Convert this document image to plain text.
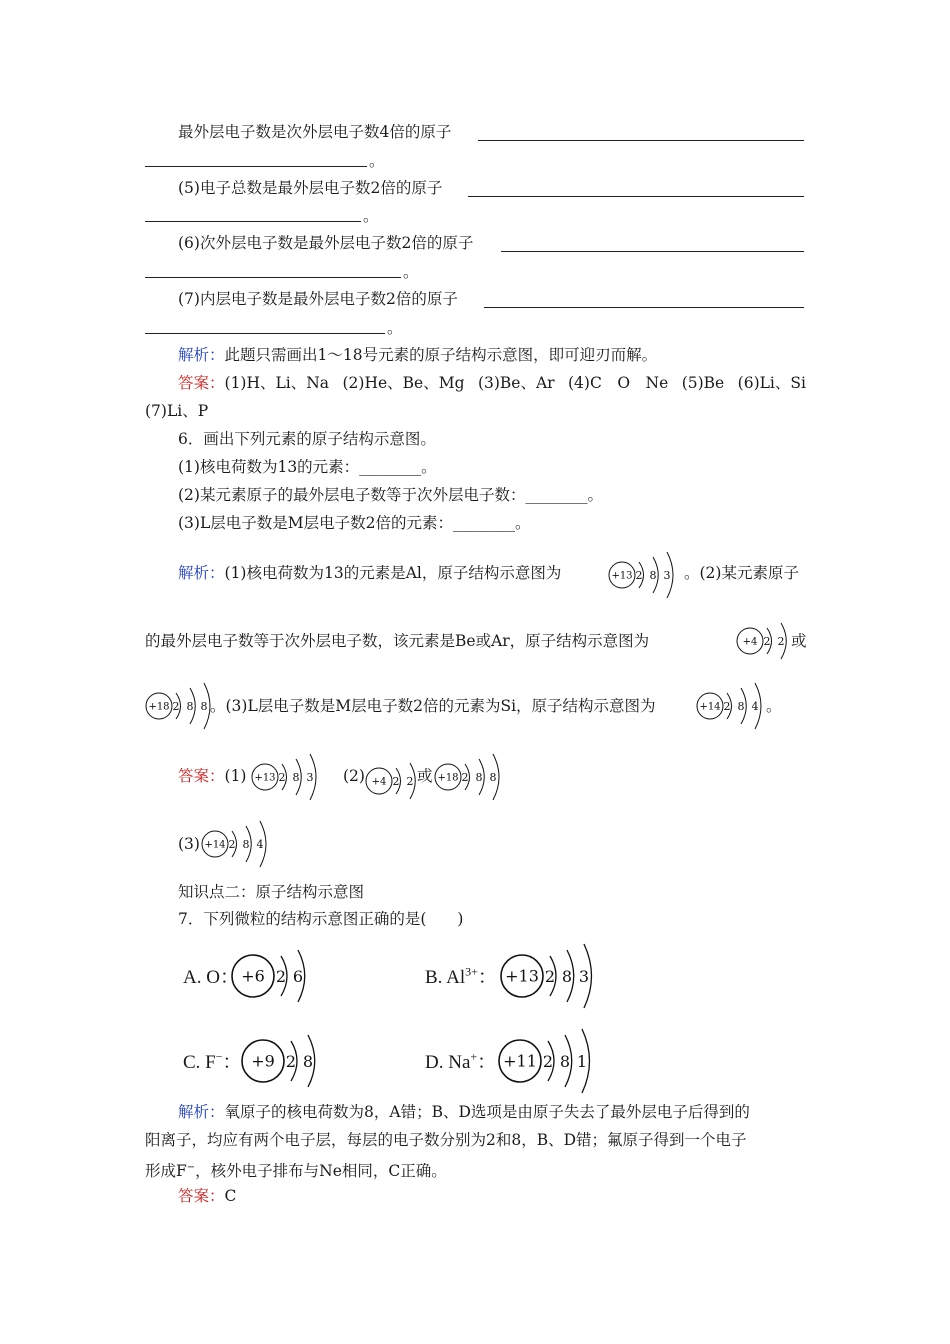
最外层电子数是次外层电子数4倍的原子
。
(5)电子总数是最外层电子数2倍的原子
。
(6)次外层电子数是最外层电子数2倍的原子
。
(7)内层电子数是最外层电子数2倍的原子
。
解析：此题只需画出1～18号元素的原子结构示意图，即可迎刃而解。
答案：(1)H、Li、Na (2)He、Be、Mg (3)Be、Ar (4)C　O　Ne (5)Be (6)Li、Si
(7)Li、P
6．画出下列元素的原子结构示意图。
(1)核电荷数为13的元素：________。
(2)某元素原子的最外层电子数等于次外层电子数：________。
(3)L层电子数是M层电子数2倍的元素：________。
解析：(1)核电荷数为13的元素是Al，原子结构示意图为	+13 2 8 3 。(2)某元素原子
的最外层电子数等于次外层电子数，该元素是Be或Ar，原子结构示意图为	+4 2 2 或
+18 2 8 8 。(3)L层电子数是M层电子数2倍的元素为Si，原子结构示意图为	+14 2 8 4 。
答案：(1) +13 2 8 3 (2) +4 2 2 或 +18 2 8 8
(3) +14 2 8 4
知识点二：原子结构示意图
7．下列微粒的结构示意图正确的是(　　)
A. O： +6 2 6	B. $Al^{3+}$： +13 2 8 3
C. F−： +9 2 8	D. Na+： +11 2 8 1
解析：氧原子的核电荷数为8，A错；B、D选项是由原子失去了最外层电子后得到的
阳离子，均应有两个电子层，每层的电子数分别为2和8，B、D错；氟原子得到一个电子
形成F−，核外电子排布与Ne相同，C正确。
答案：C
